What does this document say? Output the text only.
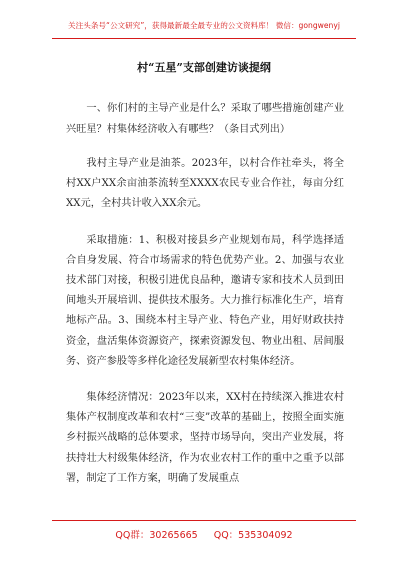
关注头条号“公文研究”，获得最新最全最专业的公文资料库！ 微信：gongwenyj
村“五星”支部创建访谈提纲

一、你们村的主导产业是什么？采取了哪些措施创建产业兴旺星？村集体经济收入有哪些？（条目式列出）

我村主导产业是油茶。2023年，以村合作社牵头，将全村XX户XX余亩油茶流转至XXXX农民专业合作社，每亩分红XX元，全村共计收入XX余元。

采取措施：1、积极对接县乡产业规划布局，科学选择适合自身发展、符合市场需求的特色优势产业。2、加强与农业技术部门对接，积极引进优良品种，邀请专家和技术人员到田间地头开展培训、提供技术服务。大力推行标准化生产，培育地标产品。3、围绕本村主导产业、特色产业，用好财政扶持资金，盘活集体资源资产，探索资源发包、物业出租、居间服务、资产参股等多样化途径发展新型农村集体经济。

集体经济情况：2023年以来，XX村在持续深入推进农村集体产权制度改革和农村“三变”改革的基础上，按照全面实施乡村振兴战略的总体要求，坚持市场导向，突出产业发展，将扶持壮大村级集体经济，作为农业农村工作的重中之重予以部署，制定了工作方案，明确了发展重点

QQ群：30265665 QQ：535304092
